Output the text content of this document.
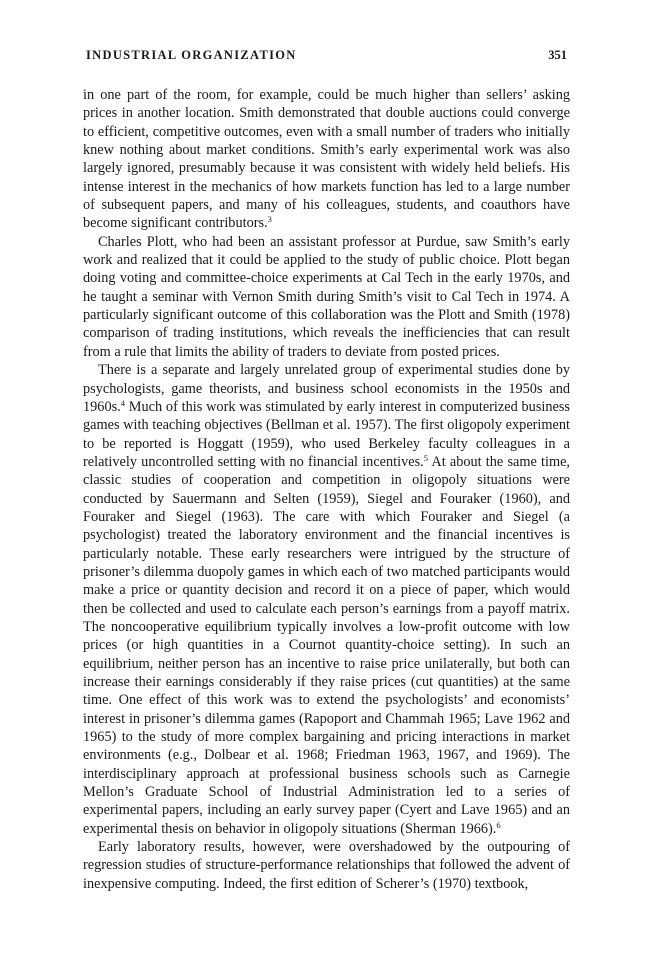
INDUSTRIAL ORGANIZATION	351

in one part of the room, for example, could be much higher than sellers’ asking prices in another location. Smith demonstrated that double auctions could converge to efficient, competitive outcomes, even with a small number of traders who initially knew nothing about market conditions. Smith’s early experimental work was also largely ignored, presumably because it was consistent with widely held beliefs. His intense interest in the mechanics of how markets function has led to a large number of subsequent papers, and many of his colleagues, students, and coauthors have become significant contributors.$^3$

Charles Plott, who had been an assistant professor at Purdue, saw Smith’s early work and realized that it could be applied to the study of public choice. Plott began doing voting and committee-choice experiments at Cal Tech in the early 1970s, and he taught a seminar with Vernon Smith during Smith’s visit to Cal Tech in 1974. A particularly significant outcome of this collaboration was the Plott and Smith (1978) comparison of trading institutions, which reveals the inefficiencies that can result from a rule that limits the ability of traders to deviate from posted prices.

There is a separate and largely unrelated group of experimental studies done by psychologists, game theorists, and business school economists in the 1950s and 1960s.$^4$ Much of this work was stimulated by early interest in computerized business games with teaching objectives (Bellman et al. 1957). The first oligopoly experiment to be reported is Hoggatt (1959), who used Berkeley faculty colleagues in a relatively uncontrolled setting with no financial incentives.$^5$ At about the same time, classic studies of cooperation and competition in oligopoly situations were conducted by Sauermann and Selten (1959), Siegel and Fouraker (1960), and Fouraker and Siegel (1963). The care with which Fouraker and Siegel (a psychologist) treated the laboratory environment and the financial incentives is particularly notable. These early researchers were intrigued by the structure of prisoner’s dilemma duopoly games in which each of two matched participants would make a price or quantity decision and record it on a piece of paper, which would then be collected and used to calculate each person’s earnings from a payoff matrix. The noncooperative equilibrium typically involves a low-profit outcome with low prices (or high quantities in a Cournot quantity-choice setting). In such an equilibrium, neither person has an incentive to raise price unilaterally, but both can increase their earnings considerably if they raise prices (cut quantities) at the same time. One effect of this work was to extend the psychologists’ and economists’ interest in prisoner’s dilemma games (Rapoport and Chammah 1965; Lave 1962 and 1965) to the study of more complex bargaining and pricing interactions in market environments (e.g., Dolbear et al. 1968; Friedman 1963, 1967, and 1969). The interdisciplinary approach at professional business schools such as Carnegie Mellon’s Graduate School of Industrial Administration led to a series of experimental papers, including an early survey paper (Cyert and Lave 1965) and an experimental thesis on behavior in oligopoly situations (Sherman 1966).$^6$

Early laboratory results, however, were overshadowed by the outpouring of regression studies of structure-performance relationships that followed the advent of inexpensive computing. Indeed, the first edition of Scherer’s (1970) textbook,
